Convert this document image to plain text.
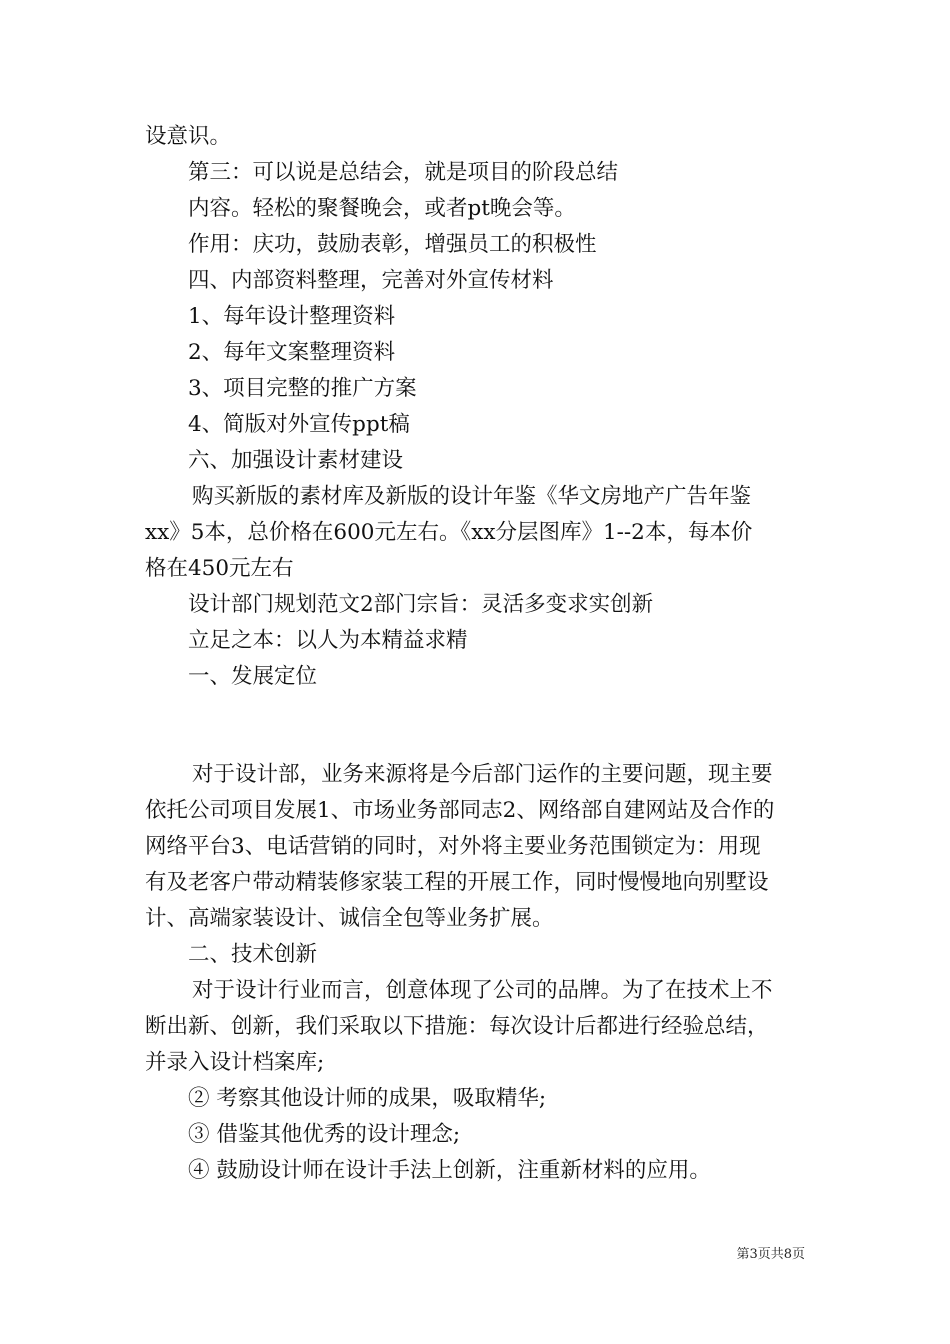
设意识。
第三：可以说是总结会，就是项目的阶段总结
内容。轻松的聚餐晚会，或者pt晚会等。
作用：庆功，鼓励表彰，增强员工的积极性
四、内部资料整理，完善对外宣传材料
1、每年设计整理资料
2、每年文案整理资料
3、项目完整的推广方案
4、简版对外宣传ppt稿
六、加强设计素材建设
购买新版的素材库及新版的设计年鉴《华文房地产广告年鉴
xx》5本，总价格在600元左右。《xx分层图库》1--2本，每本价
格在450元左右
设计部门规划范文2部门宗旨：灵活多变求实创新
立足之本：以人为本精益求精
一、发展定位
对于设计部，业务来源将是今后部门运作的主要问题，现主要
依托公司项目发展1、市场业务部同志2、网络部自建网站及合作的
网络平台3、电话营销的同时，对外将主要业务范围锁定为：用现
有及老客户带动精装修家装工程的开展工作，同时慢慢地向别墅设
计、高端家装设计、诚信全包等业务扩展。
二、技术创新
对于设计行业而言，创意体现了公司的品牌。为了在技术上不
断出新、创新，我们采取以下措施：每次设计后都进行经验总结，
并录入设计档案库;
② 考察其他设计师的成果，吸取精华;
③ 借鉴其他优秀的设计理念;
④ 鼓励设计师在设计手法上创新，注重新材料的应用。
第3页共8页
